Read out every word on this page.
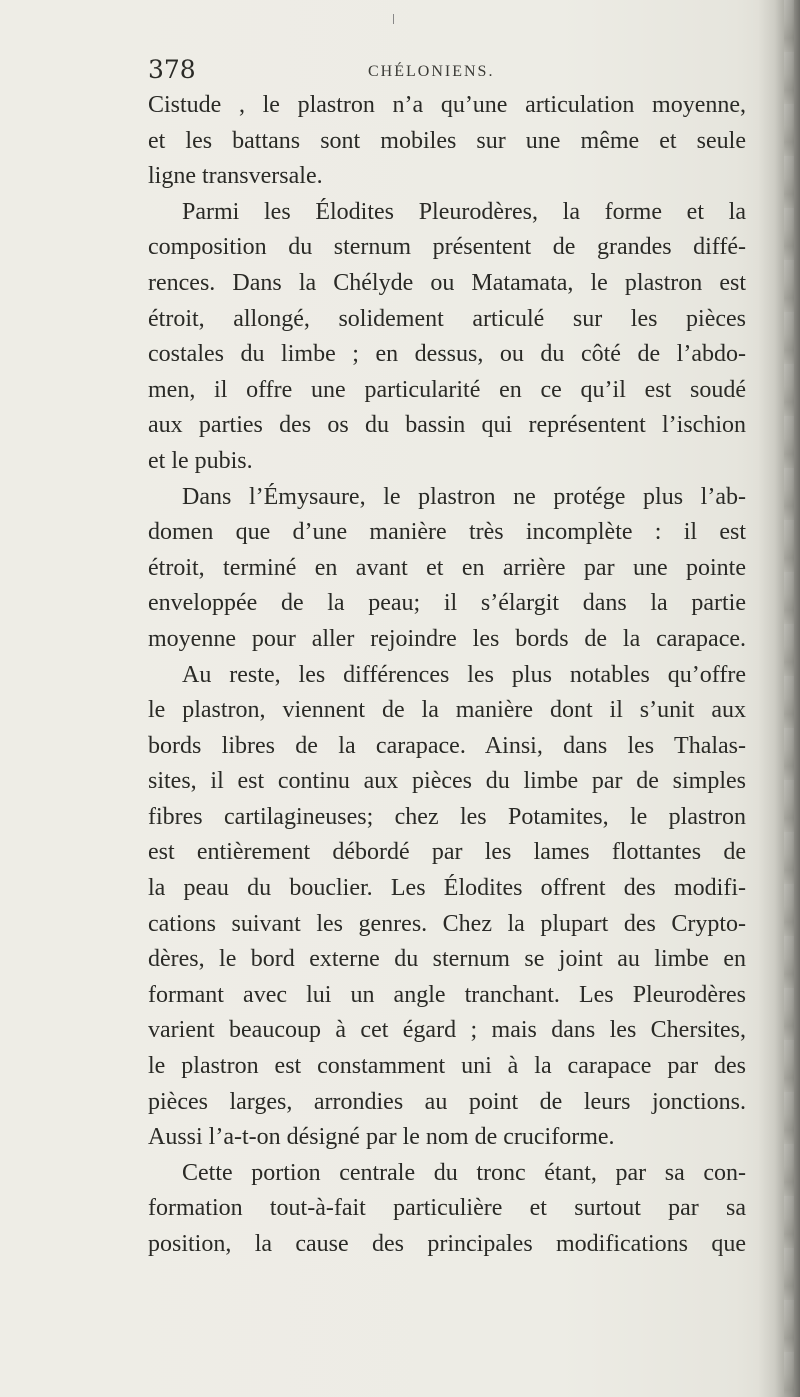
378	CHÉLONIENS.
Cistude , le plastron n’a qu’une articulation moyenne,
et les battans sont mobiles sur une même et seule
ligne transversale.
Parmi les Élodites Pleurodères, la forme et la
composition du sternum présentent de grandes diffé-
rences. Dans la Chélyde ou Matamata, le plastron est
étroit, allongé, solidement articulé sur les pièces
costales du limbe ; en dessus, ou du côté de l’abdo-
men, il offre une particularité en ce qu’il est soudé
aux parties des os du bassin qui représentent l’ischion
et le pubis.
Dans l’Émysaure, le plastron ne protége plus l’ab-
domen que d’une manière très incomplète : il est
étroit, terminé en avant et en arrière par une pointe
enveloppée de la peau; il s’élargit dans la partie
moyenne pour aller rejoindre les bords de la carapace.
Au reste, les différences les plus notables qu’offre
le plastron, viennent de la manière dont il s’unit aux
bords libres de la carapace. Ainsi, dans les Thalas-
sites, il est continu aux pièces du limbe par de simples
fibres cartilagineuses; chez les Potamites, le plastron
est entièrement débordé par les lames flottantes de
la peau du bouclier. Les Élodites offrent des modifi-
cations suivant les genres. Chez la plupart des Crypto-
dères, le bord externe du sternum se joint au limbe en
formant avec lui un angle tranchant. Les Pleurodères
varient beaucoup à cet égard ; mais dans les Chersites,
le plastron est constamment uni à la carapace par des
pièces larges, arrondies au point de leurs jonctions.
Aussi l’a-t-on désigné par le nom de cruciforme.
Cette portion centrale du tronc étant, par sa con-
formation tout-à-fait particulière et surtout par sa
position, la cause des principales modifications que
